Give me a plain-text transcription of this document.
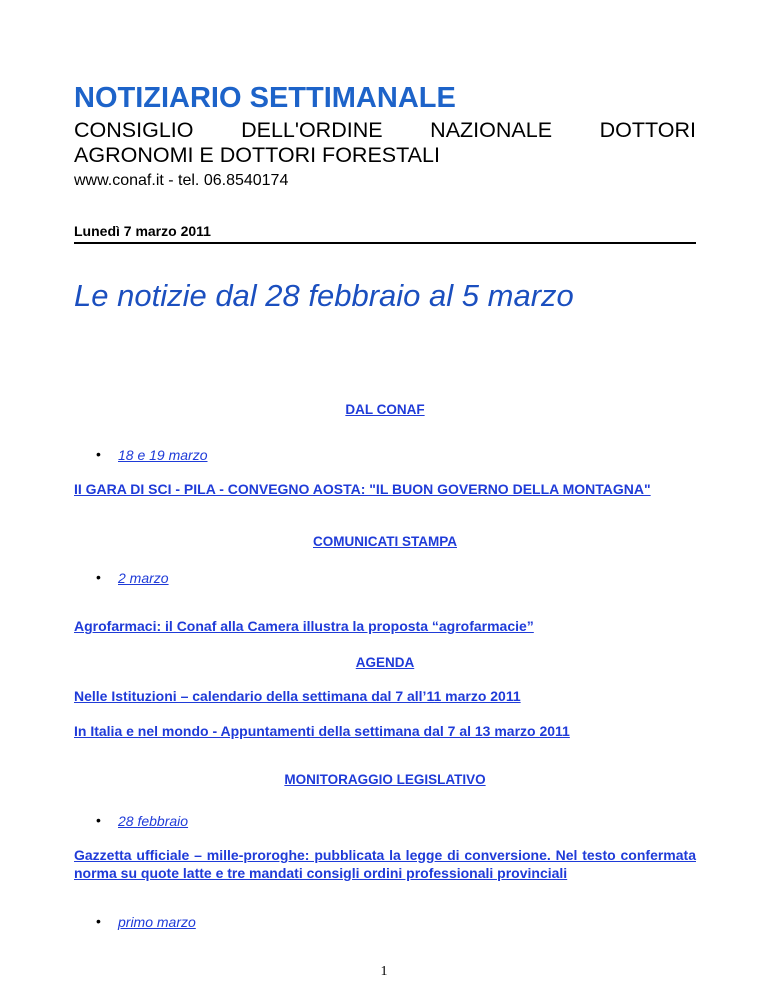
NOTIZIARIO SETTIMANALE
CONSIGLIO DELL'ORDINE NAZIONALE DOTTORI
AGRONOMI E DOTTORI FORESTALI
www.conaf.it - tel. 06.8540174
Lunedì 7 marzo 2011
Le notizie dal 28 febbraio al 5 marzo
DAL CONAF
• 18 e 19 marzo
II GARA DI SCI - PILA - CONVEGNO AOSTA: "IL BUON GOVERNO DELLA MONTAGNA"
COMUNICATI STAMPA
• 2 marzo
Agrofarmaci: il Conaf alla Camera illustra la proposta “agrofarmacie”
AGENDA
Nelle Istituzioni – calendario della settimana dal 7 all’11 marzo 2011
In Italia e nel mondo - Appuntamenti della settimana dal 7 al 13 marzo 2011
MONITORAGGIO LEGISLATIVO
• 28 febbraio
Gazzetta ufficiale – mille-proroghe: pubblicata la legge di conversione. Nel testo confermata norma su quote latte e tre mandati consigli ordini professionali provinciali
• primo marzo
1
